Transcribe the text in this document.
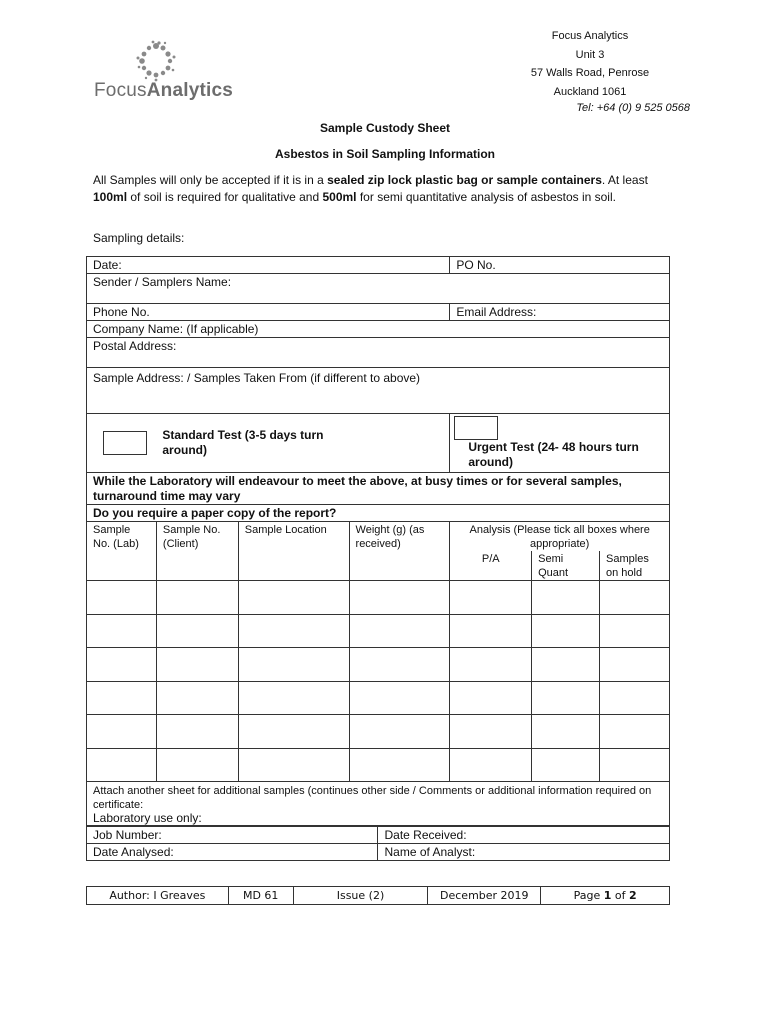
FocusAnalytics
Focus Analytics
Unit 3
57 Walls Road, Penrose
Auckland 1061
Tel: +64 (0) 9 525 0568
Sample Custody Sheet
Asbestos in Soil Sampling Information
All Samples will only be accepted if it is in a sealed zip lock plastic bag or sample containers. At least 100ml of soil is required for qualitative and 500ml for semi quantitative analysis of asbestos in soil.
Sampling details:
Date:				PO No.		
Sender / Samplers Name:						
Phone No.				Email Address:		
Company Name: (If applicable)						
Postal Address:						
Sample Address: / Samples Taken From (if different to above)						
Standard Test (3-5 days turn around)				Urgent Test (24- 48 hours turn around)		
While the Laboratory will endeavour to meet the above, at busy times or for several samples, turnaround time may vary						
Do you require a paper copy of the report?						
Sample No. (Lab)	Sample No. (Client)	Sample Location	Weight (g) (as received)	Analysis (Please tick all boxes where appropriate)		
				P/A	Semi Quant	Samples on hold

Attach another sheet for additional samples (continues other side / Comments or additional information required on certificate:						
Laboratory use only:
Job Number:	Date Received:
Date Analysed:	Name of Analyst:
Author: I Greaves	MD 61	Issue (2)	December 2019	Page 1 of 2
